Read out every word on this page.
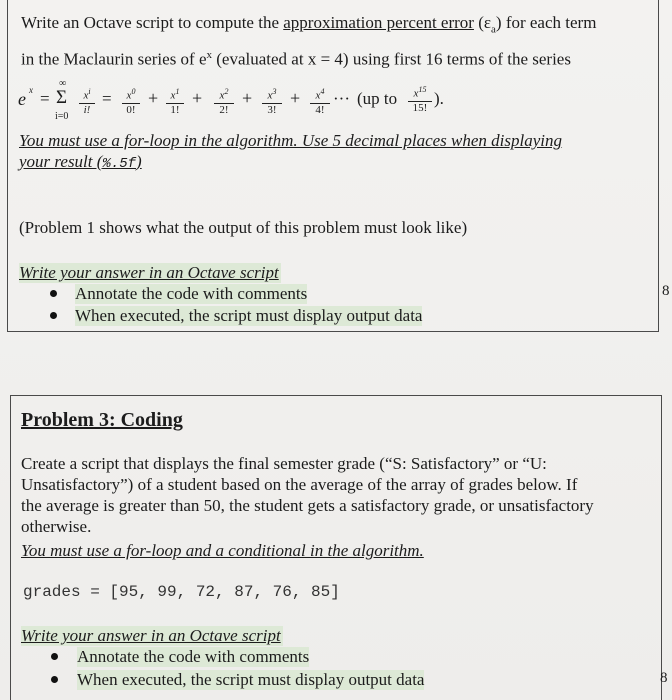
Write an Octave script to compute the approximation percent error $(\varepsilon_a)$ for each term
in the Maclaurin series of $e^x$ (evaluated at x = 4) using first 16 terms of the series
e x =
∞
Σ
i=0
$x^i$
i!
=	$x^0$
0!
+	$x^1$
1!
+	$x^2$
2!
+	$x^3$
3!
+	$x^4$
4!
··· (up to	$x^{15}$
15! ).
You must use a for-loop in the algorithm. Use 5 decimal places when displaying
your result (%.5f)
(Problem 1 shows what the output of this problem must look like)
Write your answer in an Octave script
Annotate the code with comments
When executed, the script must display output data
8
Problem 3: Coding
Create a script that displays the final semester grade (“S: Satisfactory” or “U:
Unsatisfactory”) of a student based on the average of the array of grades below. If
the average is greater than 50, the student gets a satisfactory grade, or unsatisfactory
otherwise.
You must use a for-loop and a conditional in the algorithm.
grades = [95, 99, 72, 87, 76, 85]
Write your answer in an Octave script
Annotate the code with comments
When executed, the script must display output data	8
